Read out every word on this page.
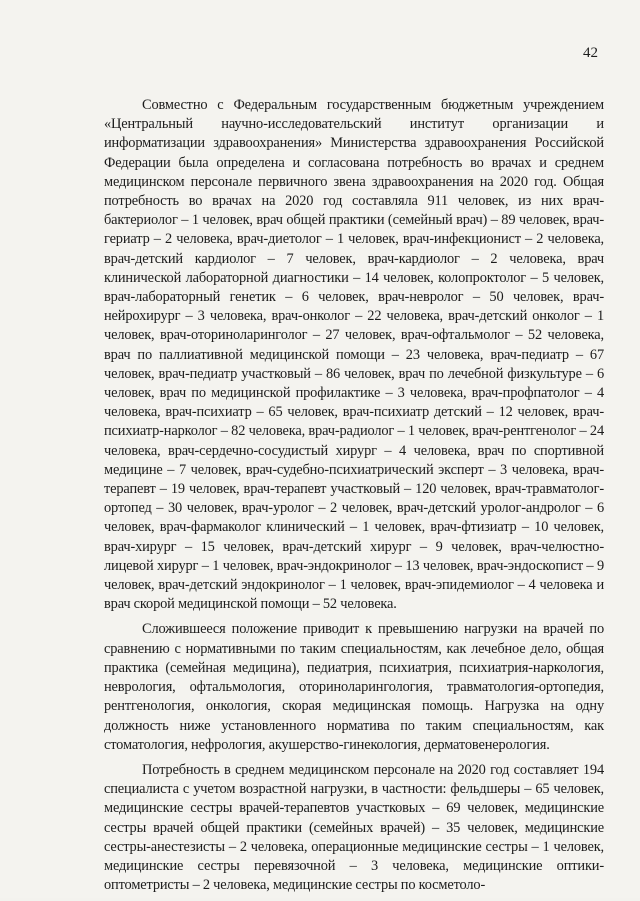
42

Совместно с Федеральным государственным бюджетным учреждением «Центральный научно-исследовательский институт организации и информатизации здравоохранения» Министерства здравоохранения Российской Федерации была определена и согласована потребность во врачах и среднем медицинском персонале первичного звена здравоохранения на 2020 год. Общая потребность во врачах на 2020 год составляла 911 человек, из них врач-бактериолог – 1 человек, врач общей практики (семейный врач) – 89 человек, врач-гериатр – 2 человека, врач-диетолог – 1 человек, врач-инфекционист – 2 человека, врач-детский кардиолог – 7 человек, врач-кардиолог – 2 человека, врач клинической лабораторной диагностики – 14 человек, колопроктолог – 5 человек, врач-лабораторный генетик – 6 человек, врач-невролог – 50 человек, врач-нейрохирург – 3 человека, врач-онколог – 22 человека, врач-детский онколог – 1 человек, врач-оториноларинголог – 27 человек, врач-офтальмолог – 52 человека, врач по паллиативной медицинской помощи – 23 человека, врач-педиатр – 67 человек, врач-педиатр участковый – 86 человек, врач по лечебной физкультуре – 6 человек, врач по медицинской профилактике – 3 человека, врач-профпатолог – 4 человека, врач-психиатр – 65 человек, врач-психиатр детский – 12 человек, врач-психиатр-нарколог – 82 человека, врач-радиолог – 1 человек, врач-рентгенолог – 24 человека, врач-сердечно-сосудистый хирург – 4 человека, врач по спортивной медицине – 7 человек, врач-судебно-психиатрический эксперт – 3 человека, врач-терапевт – 19 человек, врач-терапевт участковый – 120 человек, врач-травматолог-ортопед – 30 человек, врач-уролог – 2 человек, врач-детский уролог-андролог – 6 человек, врач-фармаколог клинический – 1 человек, врач-фтизиатр – 10 человек, врач-хирург – 15 человек, врач-детский хирург – 9 человек, врач-челюстно-лицевой хирург – 1 человек, врач-эндокринолог – 13 человек, врач-эндоскопист – 9 человек, врач-детский эндокринолог – 1 человек, врач-эпидемиолог – 4 человека и врач скорой медицинской помощи – 52 человека.

Сложившееся положение приводит к превышению нагрузки на врачей по сравнению с нормативными по таким специальностям, как лечебное дело, общая практика (семейная медицина), педиатрия, психиатрия, психиатрия-наркология, неврология, офтальмология, оториноларингология, травматология-ортопедия, рентгенология, онкология, скорая медицинская помощь. Нагрузка на одну должность ниже установленного норматива по таким специальностям, как стоматология, нефрология, акушерство-гинекология, дерматовенерология.

Потребность в среднем медицинском персонале на 2020 год составляет 194 специалиста с учетом возрастной нагрузки, в частности: фельдшеры – 65 человек, медицинские сестры врачей-терапевтов участковых – 69 человек, медицинские сестры врачей общей практики (семейных врачей) – 35 человек, медицинские сестры-анестезисты – 2 человека, операционные медицинские сестры – 1 человек, медицинские сестры перевязочной – 3 человека, медицинские оптики-оптометристы – 2 человека, медицинские сестры по косметоло-
